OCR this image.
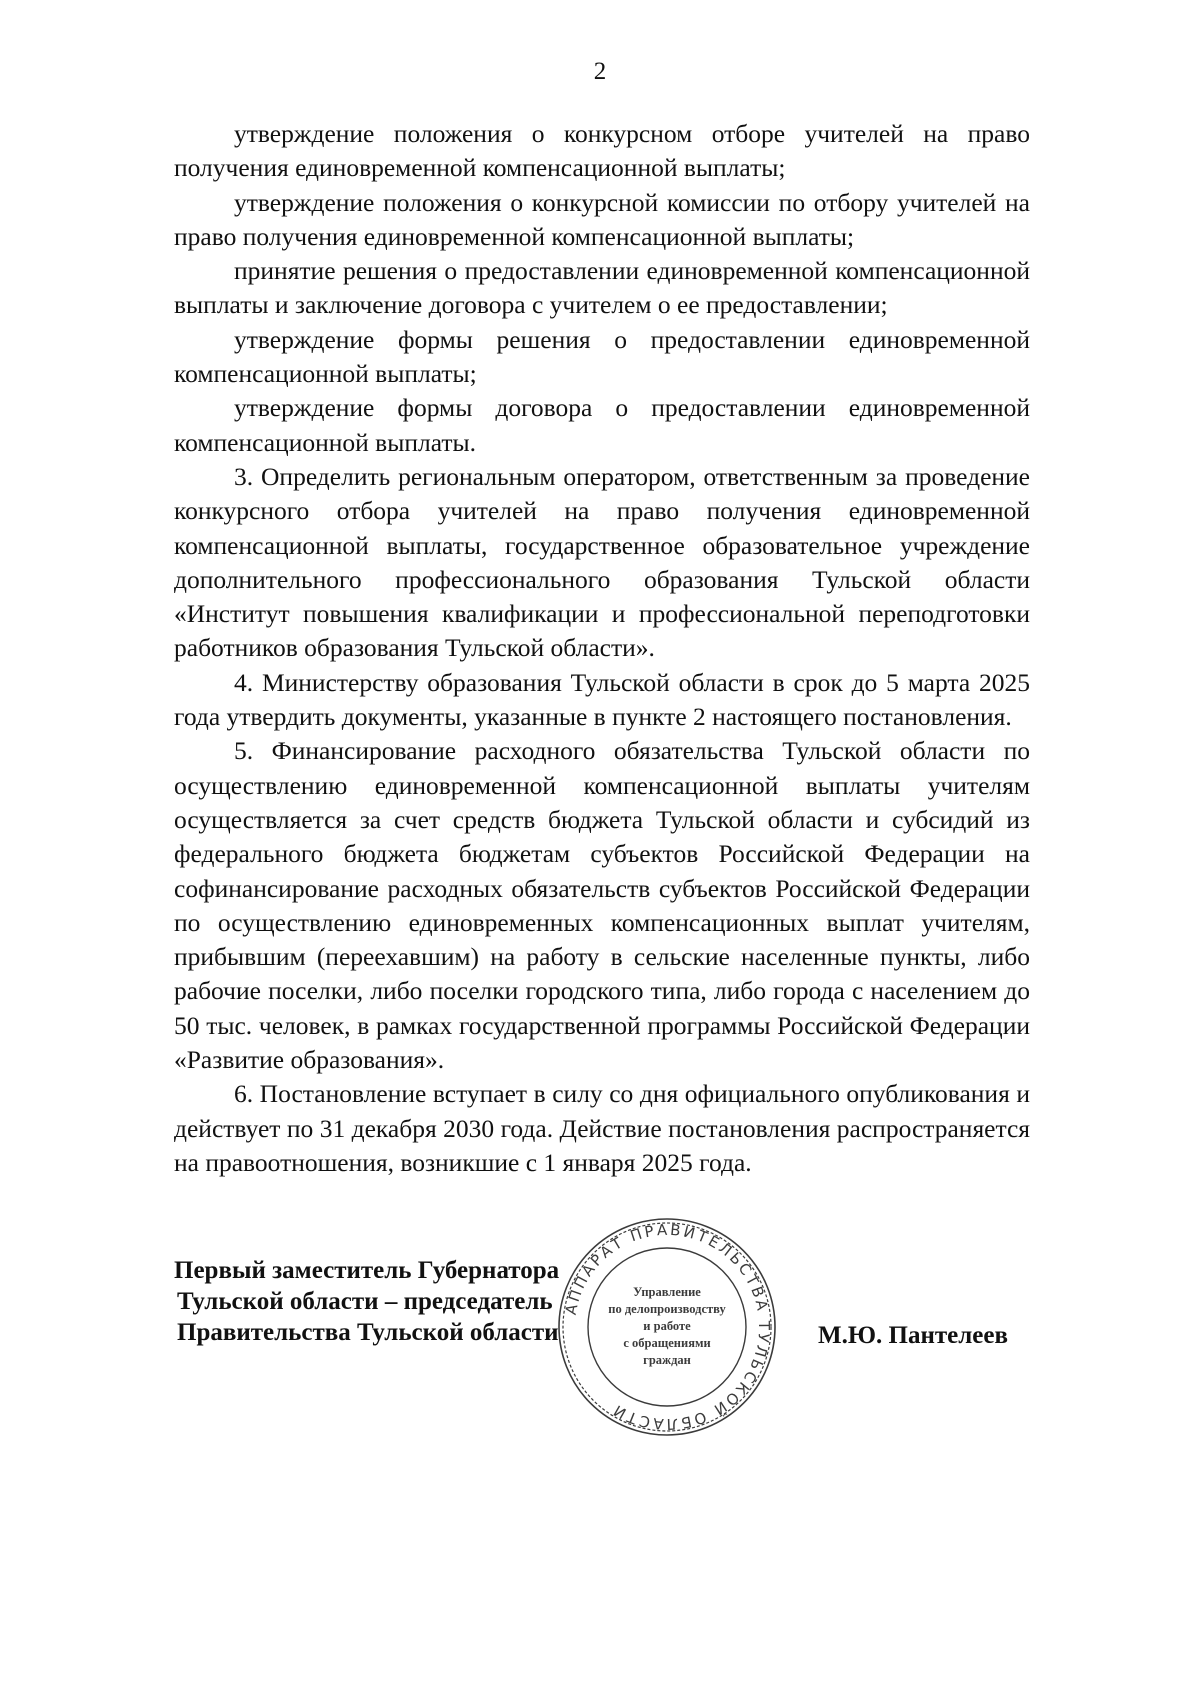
2

утверждение положения о конкурсном отборе учителей на право получения единовременной компенсационной выплаты;

утверждение положения о конкурсной комиссии по отбору учителей на право получения единовременной компенсационной выплаты;

принятие решения о предоставлении единовременной компенсационной выплаты и заключение договора с учителем о ее предоставлении;

утверждение формы решения о предоставлении единовременной компенсационной выплаты;

утверждение формы договора о предоставлении единовременной компенсационной выплаты.

3. Определить региональным оператором, ответственным за проведение конкурсного отбора учителей на право получения единовременной компенсационной выплаты, государственное образовательное учреждение дополнительного профессионального образования Тульской области «Институт повышения квалификации и профессиональной переподготовки работников образования Тульской области».

4. Министерству образования Тульской области в срок до 5 марта 2025 года утвердить документы, указанные в пункте 2 настоящего постановления.

5. Финансирование расходного обязательства Тульской области по осуществлению единовременной компенсационной выплаты учителям осуществляется за счет средств бюджета Тульской области и субсидий из федерального бюджета бюджетам субъектов Российской Федерации на софинансирование расходных обязательств субъектов Российской Федерации по осуществлению единовременных компенсационных выплат учителям, прибывшим (переехавшим) на работу в сельские населенные пункты, либо рабочие поселки, либо поселки городского типа, либо города с населением до 50 тыс. человек, в рамках государственной программы Российской Федерации «Развитие образования».

6. Постановление вступает в силу со дня официального опубликования и действует по 31 декабря 2030 года. Действие постановления распространяется на правоотношения, возникшие с 1 января 2025 года.

Первый заместитель Губернатора
Тульской области – председатель
Правительства Тульской области	М.Ю. Пантелеев
АППАРАТ ПРАВИТЕЛЬСТВА ТУЛЬСКОЙ ОБЛАСТИ
Управление
по делопроизводству
и работе
с обращениями
граждан
